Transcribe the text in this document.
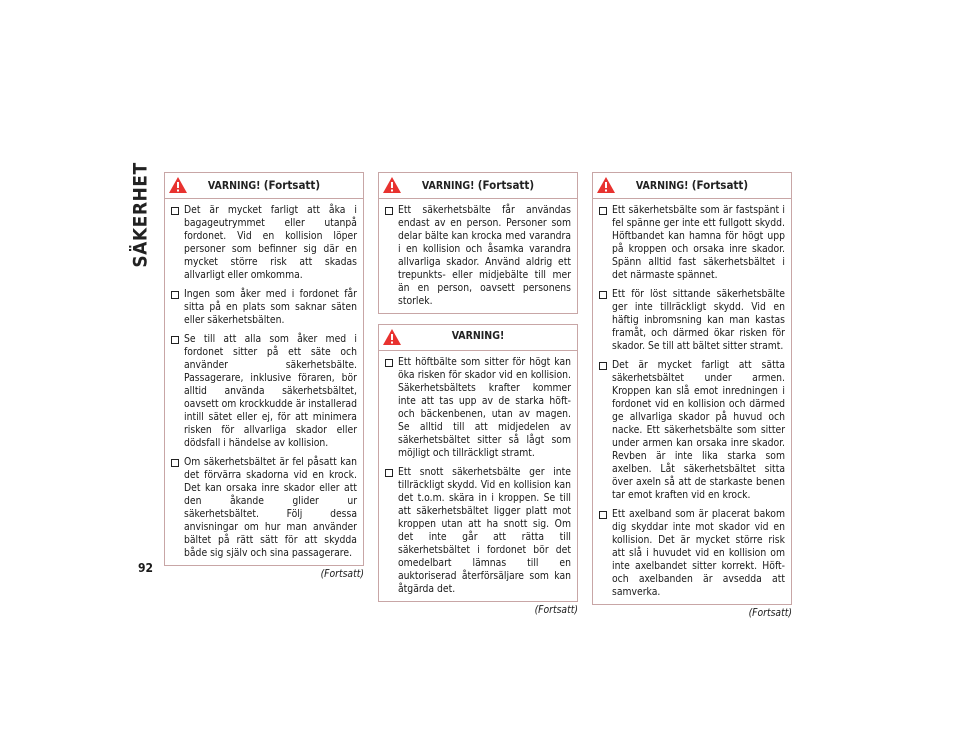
SÄKERHET
92
VARNING! (Fortsatt)
Det är mycket farligt att åka i bagageutrymmet eller utanpå fordonet. Vid en kollision löper personer som befinner sig där en mycket större risk att skadas allvarligt eller omkomma.
Ingen som åker med i fordonet får sitta på en plats som saknar säten eller säkerhetsbälten.
Se till att alla som åker med i fordonet sitter på ett säte och använder säkerhetsbälte. Passagerare, inklusive föraren, bör alltid använda säkerhetsbältet, oavsett om krockkudde är installerad intill sätet eller ej, för att minimera risken för allvarliga skador eller dödsfall i händelse av kollision.
Om säkerhetsbältet är fel påsatt kan det förvärra skadorna vid en krock. Det kan orsaka inre skador eller att den åkande glider ur säkerhetsbältet. Följ dessa anvisningar om hur man använder bältet på rätt sätt för att skydda både sig själv och sina passagerare.
(Fortsatt)
VARNING! (Fortsatt)
Ett säkerhetsbälte får användas endast av en person. Personer som delar bälte kan krocka med varandra i en kollision och åsamka varandra allvarliga skador. Använd aldrig ett trepunkts- eller midjebälte till mer än en person, oavsett personens storlek.
VARNING!
Ett höftbälte som sitter för högt kan öka risken för skador vid en kollision. Säkerhetsbältets krafter kommer inte att tas upp av de starka höft- och bäckenbenen, utan av magen. Se alltid till att midjedelen av säkerhetsbältet sitter så lågt som möjligt och tillräckligt stramt.
Ett snott säkerhetsbälte ger inte tillräckligt skydd. Vid en kollision kan det t.o.m. skära in i kroppen. Se till att säkerhetsbältet ligger platt mot kroppen utan att ha snott sig. Om det inte går att rätta till säkerhetsbältet i fordonet bör det omedelbart lämnas till en auktoriserad återförsäljare som kan åtgärda det.
(Fortsatt)
VARNING! (Fortsatt)
Ett säkerhetsbälte som är fastspänt i fel spänne ger inte ett fullgott skydd. Höftbandet kan hamna för högt upp på kroppen och orsaka inre skador. Spänn alltid fast säkerhetsbältet i det närmaste spännet.
Ett för löst sittande säkerhetsbälte ger inte tillräckligt skydd. Vid en häftig inbromsning kan man kastas framåt, och därmed ökar risken för skador. Se till att bältet sitter stramt.
Det är mycket farligt att sätta säkerhetsbältet under armen. Kroppen kan slå emot inredningen i fordonet vid en kollision och därmed ge allvarliga skador på huvud och nacke. Ett säkerhetsbälte som sitter under armen kan orsaka inre skador. Revben är inte lika starka som axelben. Låt säkerhetsbältet sitta över axeln så att de starkaste benen tar emot kraften vid en krock.
Ett axelband som är placerat bakom dig skyddar inte mot skador vid en kollision. Det är mycket större risk att slå i huvudet vid en kollision om inte axelbandet sitter korrekt. Höft- och axelbanden är avsedda att samverka.
(Fortsatt)
